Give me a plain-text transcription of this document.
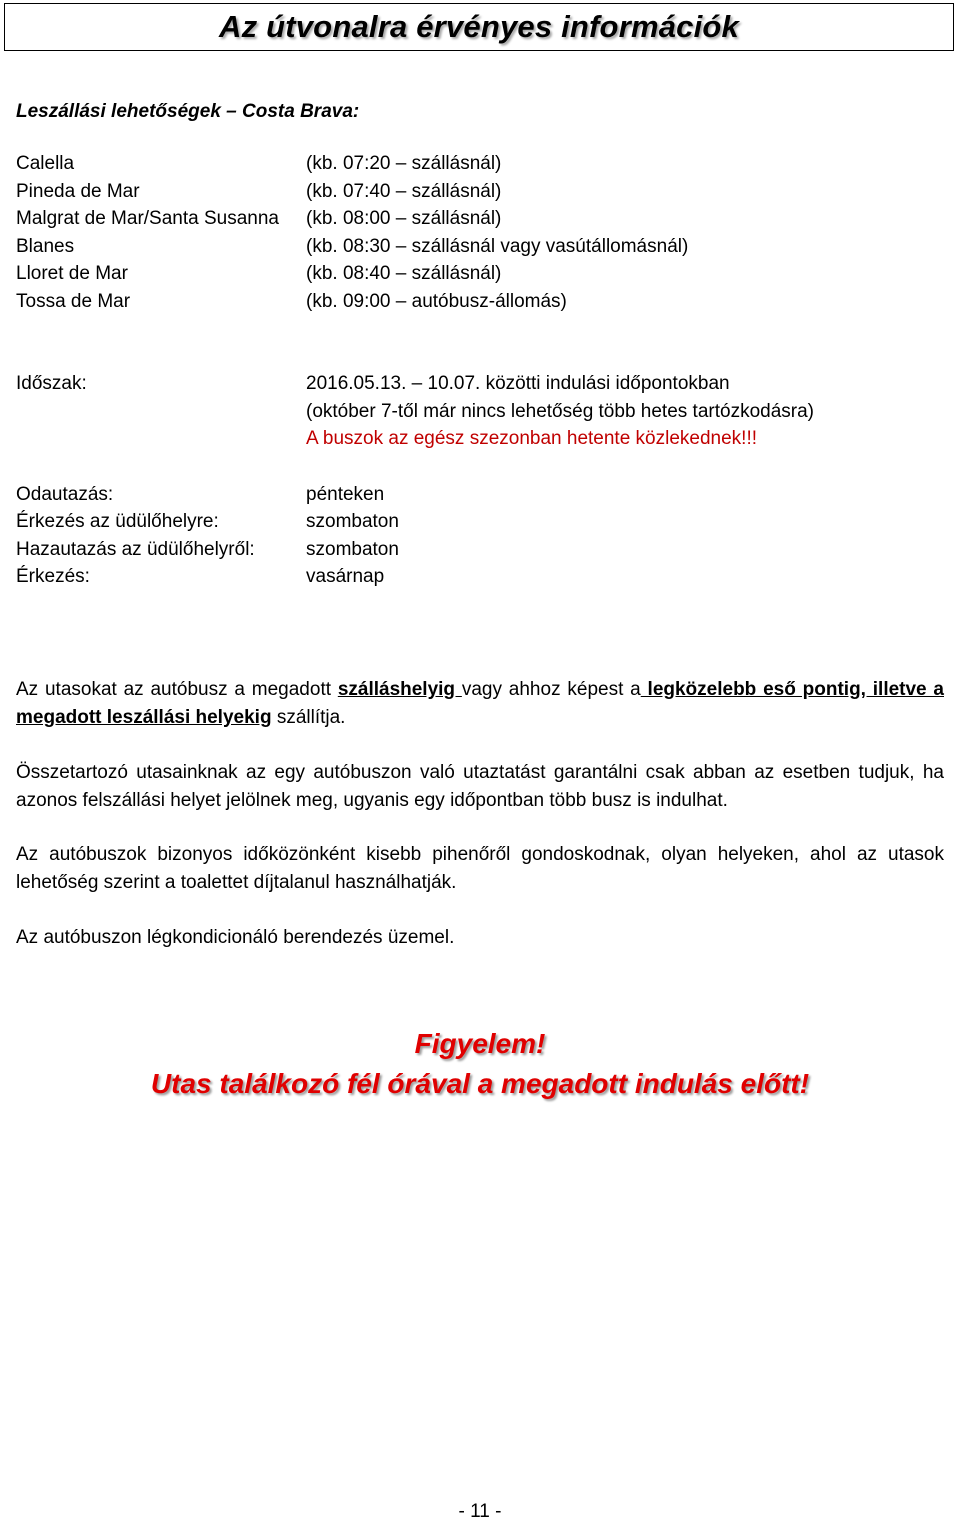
Az útvonalra érvényes információk
Leszállási lehetőségek – Costa Brava:
Calella	(kb. 07:20 – szállásnál)
Pineda de Mar	(kb. 07:40 – szállásnál)
Malgrat de Mar/Santa Susanna (kb. 08:00 – szállásnál)
Blanes	(kb. 08:30 – szállásnál vagy vasútállomásnál)
Lloret de Mar	(kb. 08:40 – szállásnál)
Tossa de Mar	(kb. 09:00 – autóbusz-állomás)
Időszak:	2016.05.13. – 10.07. közötti indulási időpontokban
(október 7-től már nincs lehetőség több hetes tartózkodásra)
A buszok az egész szezonban hetente közlekednek!!!
Odautazás:	pénteken
Érkezés az üdülőhelyre:	szombaton
Hazautazás az üdülőhelyről:	szombaton
Érkezés:	vasárnap
Az utasokat az autóbusz a megadott szálláshelyig vagy ahhoz képest a legközelebb eső pontig, illetve a megadott leszállási helyekig szállítja.
Összetartozó utasainknak az egy autóbuszon való utaztatást garantálni csak abban az esetben tudjuk, ha azonos felszállási helyet jelölnek meg, ugyanis egy időpontban több busz is indulhat.
Az autóbuszok bizonyos időközönként kisebb pihenőről gondoskodnak, olyan helyeken, ahol az utasok lehetőség szerint a toalettet díjtalanul használhatják.
Az autóbuszon légkondicionáló berendezés üzemel.
Figyelem!
Utas találkozó fél órával a megadott indulás előtt!
- 11 -
